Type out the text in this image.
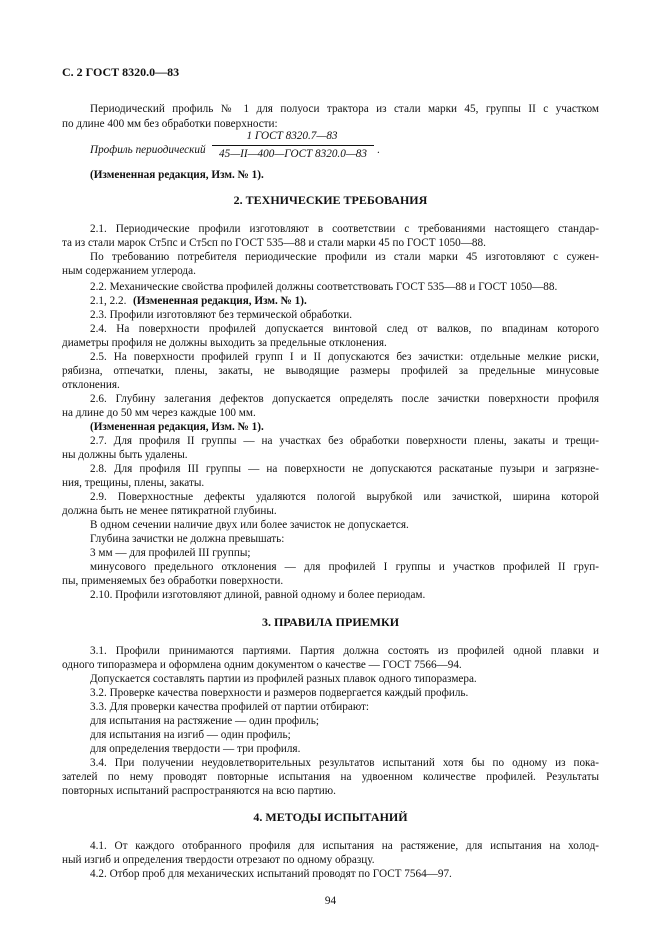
С. 2 ГОСТ 8320.0—83
Периодический профиль № 1 для полуоси трактора из стали марки 45, группы II с участком
по длине 400 мм без обработки поверхности:
Профиль периодический
1 ГОСТ 8320.7—83
45—II—400—ГОСТ 8320.0—83 .
(Измененная редакция, Изм. № 1).
2. ТЕХНИЧЕСКИЕ ТРЕБОВАНИЯ
2.1. Периодические профили изготовляют в соответствии с требованиями настоящего стандар-
та из стали марок Ст5пс и Ст5сп по ГОСТ 535—88 и стали марки 45 по ГОСТ 1050—88.
По требованию потребителя периодические профили из стали марки 45 изготовляют с сужен-
ным содержанием углерода.
2.2. Механические свойства профилей должны соответствовать ГОСТ 535—88 и ГОСТ 1050—88.
2.1, 2.2. (Измененная редакция, Изм. № 1).
2.3. Профили изготовляют без термической обработки.
2.4. На поверхности профилей допускается винтовой след от валков, по впадинам которого
диаметры профиля не должны выходить за предельные отклонения.
2.5. На поверхности профилей групп I и II допускаются без зачистки: отдельные мелкие риски,
рябизна, отпечатки, плены, закаты, не выводящие размеры профилей за предельные минусовые
отклонения.
2.6. Глубину залегания дефектов допускается определять после зачистки поверхности профиля
на длине до 50 мм через каждые 100 мм.
(Измененная редакция, Изм. № 1).
2.7. Для профиля II группы — на участках без обработки поверхности плены, закаты и трещи-
ны должны быть удалены.
2.8. Для профиля III группы — на поверхности не допускаются раскатаные пузыри и загрязне-
ния, трещины, плены, закаты.
2.9. Поверхностные дефекты удаляются пологой вырубкой или зачисткой, ширина которой
должна быть не менее пятикратной глубины.
В одном сечении наличие двух или более зачисток не допускается.
Глубина зачистки не должна превышать:
3 мм — для профилей III группы;
минусового предельного отклонения — для профилей I группы и участков профилей II груп-
пы, применяемых без обработки поверхности.
2.10. Профили изготовляют длиной, равной одному и более периодам.
3. ПРАВИЛА ПРИЕМКИ
3.1. Профили принимаются партиями. Партия должна состоять из профилей одной плавки и
одного типоразмера и оформлена одним документом о качестве — ГОСТ 7566—94.
Допускается составлять партии из профилей разных плавок одного типоразмера.
3.2. Проверке качества поверхности и размеров подвергается каждый профиль.
3.3. Для проверки качества профилей от партии отбирают:
для испытания на растяжение — один профиль;
для испытания на изгиб — один профиль;
для определения твердости — три профиля.
3.4. При получении неудовлетворительных результатов испытаний хотя бы по одному из пока-
зателей по нему проводят повторные испытания на удвоенном количестве профилей. Результаты
повторных испытаний распространяются на всю партию.
4. МЕТОДЫ ИСПЫТАНИЙ
4.1. От каждого отобранного профиля для испытания на растяжение, для испытания на холод-
ный изгиб и определения твердости отрезают по одному образцу.
4.2. Отбор проб для механических испытаний проводят по ГОСТ 7564—97.
94
